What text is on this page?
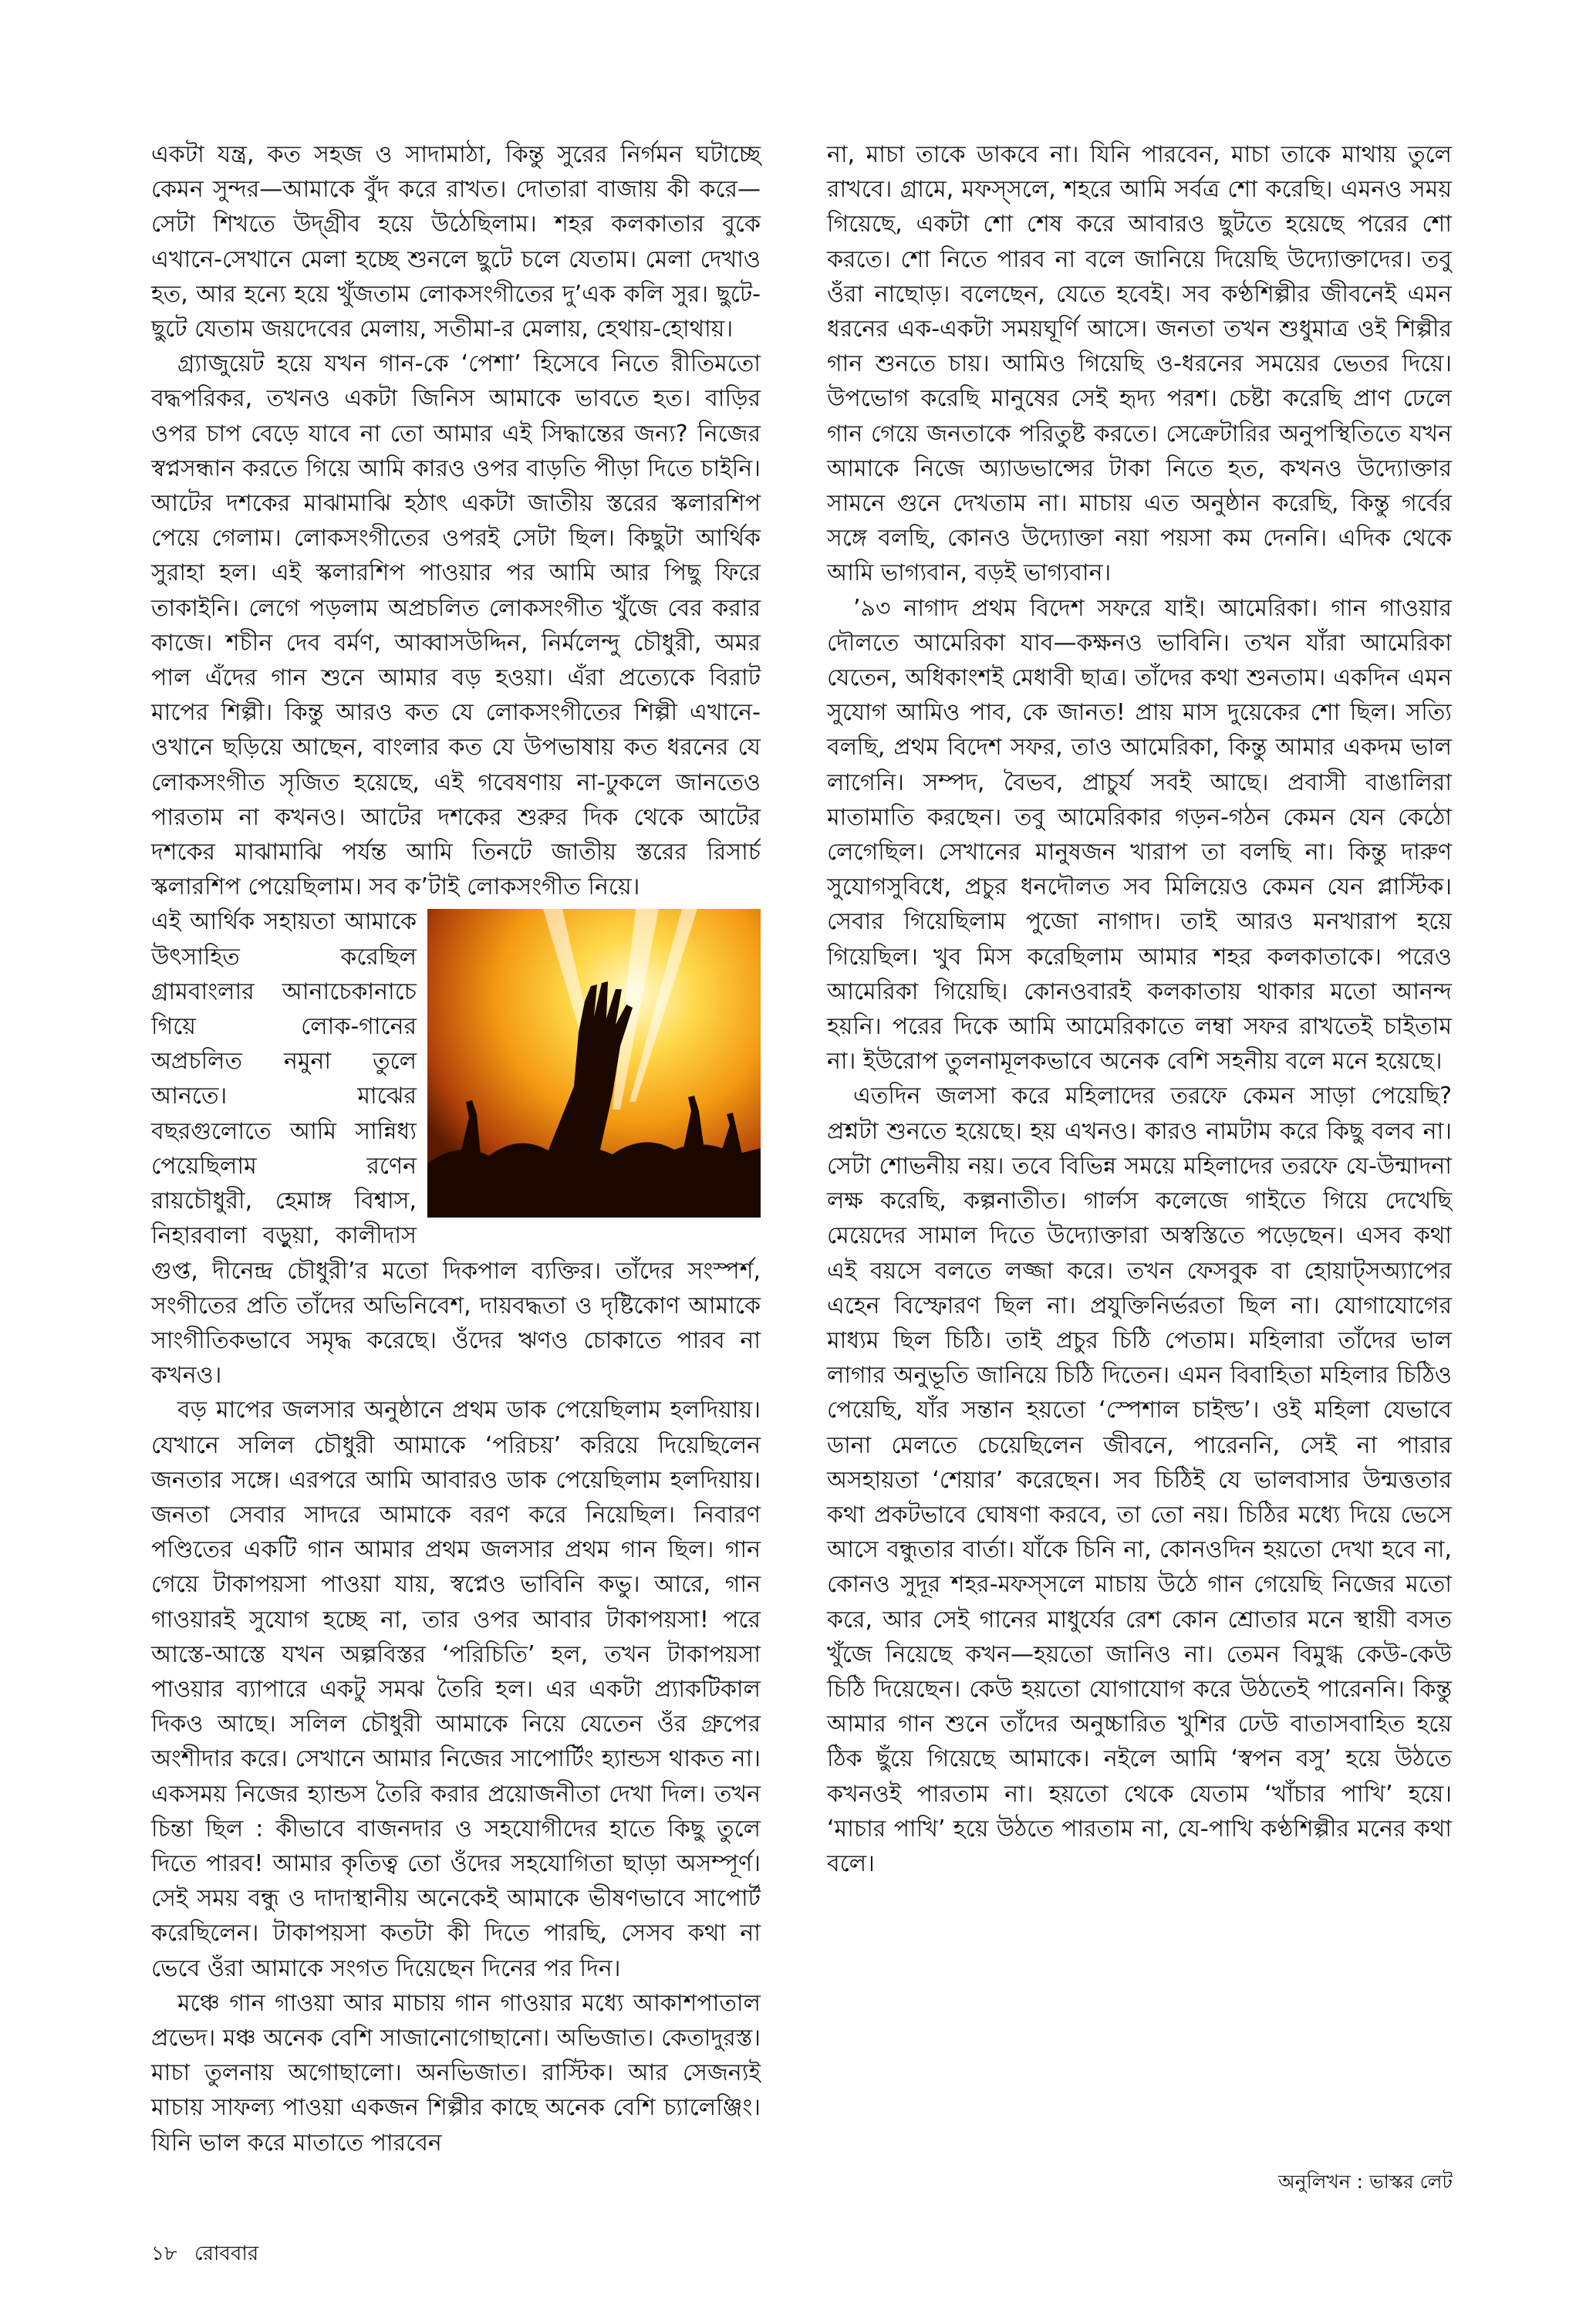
একটা যন্ত্র, কত সহজ ও সাদামাঠা, কিন্তু সুরের নির্গমন ঘটাচ্ছে কেমন সুন্দর—আমাকে বুঁদ করে রাখত। দোতারা বাজায় কী করে—সেটা শিখতে উদ্‌গ্রীব হয়ে উঠেছিলাম। শহর কলকাতার বুকে এখানে-সেখানে মেলা হচ্ছে শুনলে ছুটে চলে যেতাম। মেলা দেখাও হত, আর হন্যে হয়ে খুঁজতাম লোকসংগীতের দু’এক কলি সুর। ছুটে-ছুটে যেতাম জয়দেবের মেলায়, সতীমা-র মেলায়, হেথায়-হোথায়।

গ্র্যাজুয়েট হয়ে যখন গান-কে ‘পেশা’ হিসেবে নিতে রীতিমতো বদ্ধপরিকর, তখনও একটা জিনিস আমাকে ভাবতে হত। বাড়ির ওপর চাপ বেড়ে যাবে না তো আমার এই সিদ্ধান্তের জন্য? নিজের স্বপ্নসন্ধান করতে গিয়ে আমি কারও ওপর বাড়তি পীড়া দিতে চাইনি। আটের দশকের মাঝামাঝি হঠাৎ একটা জাতীয় স্তরের স্কলারশিপ পেয়ে গেলাম। লোকসংগীতের ওপরই সেটা ছিল। কিছুটা আর্থিক সুরাহা হল। এই স্কলারশিপ পাওয়ার পর আমি আর পিছু ফিরে তাকাইনি। লেগে পড়লাম অপ্রচলিত লোকসংগীত খুঁজে বের করার কাজে। শচীন দেব বর্মণ, আব্বাসউদ্দিন, নির্মলেন্দু চৌধুরী, অমর পাল এঁদের গান শুনে আমার বড় হওয়া। এঁরা প্রত্যেকে বিরাট মাপের শিল্পী। কিন্তু আরও কত যে লোকসংগীতের শিল্পী এখানে-ওখানে ছড়িয়ে আছেন, বাংলার কত যে উপভাষায় কত ধরনের যে লোকসংগীত সৃজিত হয়েছে, এই গবেষণায় না-ঢুকলে জানতেও পারতাম না কখনও। আটের দশকের শুরুর দিক থেকে আটের দশকের মাঝামাঝি পর্যন্ত আমি তিনটে জাতীয় স্তরের রিসার্চ স্কলারশিপ পেয়েছিলাম। সব ক’টাই লোকসংগীত নিয়ে।

এই আর্থিক সহায়তা আমাকে উৎসাহিত করেছিল গ্রামবাংলার আনাচেকানাচে গিয়ে লোক-গানের অপ্রচলিত নমুনা তুলে আনতে। মাঝের বছরগুলোতে আমি সান্নিধ্য পেয়েছিলাম রণেন রায়চৌধুরী, হেমাঙ্গ বিশ্বাস, নিহারবালা বড়ুয়া, কালীদাস গুপ্ত, দীনেন্দ্র চৌধুরী’র মতো দিকপাল ব্যক্তির। তাঁদের সংস্পর্শ, সংগীতের প্রতি তাঁদের অভিনিবেশ, দায়বদ্ধতা ও দৃষ্টিকোণ আমাকে সাংগীতিকভাবে সমৃদ্ধ করেছে। ওঁদের ঋণও চোকাতে পারব না কখনও।

বড় মাপের জলসার অনুষ্ঠানে প্রথম ডাক পেয়েছিলাম হলদিয়ায়। যেখানে সলিল চৌধুরী আমাকে ‘পরিচয়’ করিয়ে দিয়েছিলেন জনতার সঙ্গে। এরপরে আমি আবারও ডাক পেয়েছিলাম হলদিয়ায়। জনতা সেবার সাদরে আমাকে বরণ করে নিয়েছিল। নিবারণ পণ্ডিতের একটি গান আমার প্রথম জলসার প্রথম গান ছিল। গান গেয়ে টাকাপয়সা পাওয়া যায়, স্বপ্নেও ভাবিনি কভু। আরে, গান গাওয়ারই সুযোগ হচ্ছে না, তার ওপর আবার টাকাপয়সা! পরে আস্তে-আস্তে যখন অল্পবিস্তর ‘পরিচিতি’ হল, তখন টাকাপয়সা পাওয়ার ব্যাপারে একটু সমঝ তৈরি হল। এর একটা প্র্যাকটিকাল দিকও আছে। সলিল চৌধুরী আমাকে নিয়ে যেতেন ওঁর গ্রুপের অংশীদার করে। সেখানে আমার নিজের সাপোর্টিং হ্যান্ডস থাকত না। একসময় নিজের হ্যান্ডস তৈরি করার প্রয়োজনীতা দেখা দিল। তখন চিন্তা ছিল : কীভাবে বাজনদার ও সহযোগীদের হাতে কিছু তুলে দিতে পারব! আমার কৃতিত্ব তো ওঁদের সহযোগিতা ছাড়া অসম্পূর্ণ। সেই সময় বন্ধু ও দাদাস্থানীয় অনেকেই আমাকে ভীষণভাবে সাপোর্ট করেছিলেন। টাকাপয়সা কতটা কী দিতে পারছি, সেসব কথা না ভেবে ওঁরা আমাকে সংগত দিয়েছেন দিনের পর দিন।

মঞ্চে গান গাওয়া আর মাচায় গান গাওয়ার মধ্যে আকাশপাতাল প্রভেদ। মঞ্চ অনেক বেশি সাজানোগোছানো। অভিজাত। কেতাদুরস্ত। মাচা তুলনায় অগোছালো। অনভিজাত। রাস্টিক। আর সেজন্যই মাচায় সাফল্য পাওয়া একজন শিল্পীর কাছে অনেক বেশি চ্যালেঞ্জিং। যিনি ভাল করে মাতাতে পারবেন

না, মাচা তাকে ডাকবে না। যিনি পারবেন, মাচা তাকে মাথায় তুলে রাখবে। গ্রামে, মফস্সলে, শহরে আমি সর্বত্র শো করেছি। এমনও সময় গিয়েছে, একটা শো শেষ করে আবারও ছুটতে হয়েছে পরের শো করতে। শো নিতে পারব না বলে জানিয়ে দিয়েছি উদ্যোক্তাদের। তবু ওঁরা নাছোড়। বলেছেন, যেতে হবেই। সব কণ্ঠশিল্পীর জীবনেই এমন ধরনের এক-একটা সময়ঘূর্ণি আসে। জনতা তখন শুধুমাত্র ওই শিল্পীর গান শুনতে চায়। আমিও গিয়েছি ও-ধরনের সময়ের ভেতর দিয়ে। উপভোগ করেছি মানুষের সেই হৃদ্য পরশ। চেষ্টা করেছি প্রাণ ঢেলে গান গেয়ে জনতাকে পরিতুষ্ট করতে। সেক্রেটারির অনুপস্থিতিতে যখন আমাকে নিজে অ্যাডভান্সের টাকা নিতে হত, কখনও উদ্যোক্তার সামনে গুনে দেখতাম না। মাচায় এত অনুষ্ঠান করেছি, কিন্তু গর্বের সঙ্গে বলছি, কোনও উদ্যোক্তা নয়া পয়সা কম দেননি। এদিক থেকে আমি ভাগ্যবান, বড়ই ভাগ্যবান।

’৯৩ নাগাদ প্রথম বিদেশ সফরে যাই। আমেরিকা। গান গাওয়ার দৌলতে আমেরিকা যাব—কক্ষনও ভাবিনি। তখন যাঁরা আমেরিকা যেতেন, অধিকাংশই মেধাবী ছাত্র। তাঁদের কথা শুনতাম। একদিন এমন সুযোগ আমিও পাব, কে জানত! প্রায় মাস দুয়েকের শো ছিল। সত্যি বলছি, প্রথম বিদেশ সফর, তাও আমেরিকা, কিন্তু আমার একদম ভাল লাগেনি। সম্পদ, বৈভব, প্রাচুর্য সবই আছে। প্রবাসী বাঙালিরা মাতামাতি করছেন। তবু আমেরিকার গড়ন-গঠন কেমন যেন কেঠো লেগেছিল। সেখানের মানুষজন খারাপ তা বলছি না। কিন্তু দারুণ সুযোগসুবিধে, প্রচুর ধনদৌলত সব মিলিয়েও কেমন যেন প্লাস্টিক। সেবার গিয়েছিলাম পুজো নাগাদ। তাই আরও মনখারাপ হয়ে গিয়েছিল। খুব মিস করেছিলাম আমার শহর কলকাতাকে। পরেও আমেরিকা গিয়েছি। কোনওবারই কলকাতায় থাকার মতো আনন্দ হয়নি। পরের দিকে আমি আমেরিকাতে লম্বা সফর রাখতেই চাইতাম না। ইউরোপ তুলনামূলকভাবে অনেক বেশি সহনীয় বলে মনে হয়েছে।

এতদিন জলসা করে মহিলাদের তরফে কেমন সাড়া পেয়েছি? প্রশ্নটা শুনতে হয়েছে। হয় এখনও। কারও নামটাম করে কিছু বলব না। সেটা শোভনীয় নয়। তবে বিভিন্ন সময়ে মহিলাদের তরফে যে-উন্মাদনা লক্ষ করেছি, কল্পনাতীত। গার্লস কলেজে গাইতে গিয়ে দেখেছি মেয়েদের সামাল দিতে উদ্যোক্তারা অস্বস্তিতে পড়েছেন। এসব কথা এই বয়সে বলতে লজ্জা করে। তখন ফেসবুক বা হোয়াট্‌সঅ্যাপের এহেন বিস্ফোরণ ছিল না। প্রযুক্তিনির্ভরতা ছিল না। যোগাযোগের মাধ্যম ছিল চিঠি। তাই প্রচুর চিঠি পেতাম। মহিলারা তাঁদের ভাল লাগার অনুভূতি জানিয়ে চিঠি দিতেন। এমন বিবাহিতা মহিলার চিঠিও পেয়েছি, যাঁর সন্তান হয়তো ‘স্পেশাল চাইল্ড’। ওই মহিলা যেভাবে ডানা মেলতে চেয়েছিলেন জীবনে, পারেননি, সেই না পারার অসহায়তা ‘শেয়ার’ করেছেন। সব চিঠিই যে ভালবাসার উন্মত্ততার কথা প্রকটভাবে ঘোষণা করবে, তা তো নয়। চিঠির মধ্যে দিয়ে ভেসে আসে বন্ধুতার বার্তা। যাঁকে চিনি না, কোনওদিন হয়তো দেখা হবে না, কোনও সুদূর শহর-মফস্সলে মাচায় উঠে গান গেয়েছি নিজের মতো করে, আর সেই গানের মাধুর্যের রেশ কোন শ্রোতার মনে স্থায়ী বসত খুঁজে নিয়েছে কখন—হয়তো জানিও না। তেমন বিমুগ্ধ কেউ-কেউ চিঠি দিয়েছেন। কেউ হয়তো যোগাযোগ করে উঠতেই পারেননি। কিন্তু আমার গান শুনে তাঁদের অনুচ্চারিত খুশির ঢেউ বাতাসবাহিত হয়ে ঠিক ছুঁয়ে গিয়েছে আমাকে। নইলে আমি ‘স্বপন বসু’ হয়ে উঠতে কখনওই পারতাম না। হয়তো থেকে যেতাম ‘খাঁচার পাখি’ হয়ে। ‘মাচার পাখি’ হয়ে উঠতে পারতাম না, যে-পাখি কণ্ঠশিল্পীর মনের কথা বলে।

অনুলিখন : ভাস্কর লেট
১৮ রোববার
